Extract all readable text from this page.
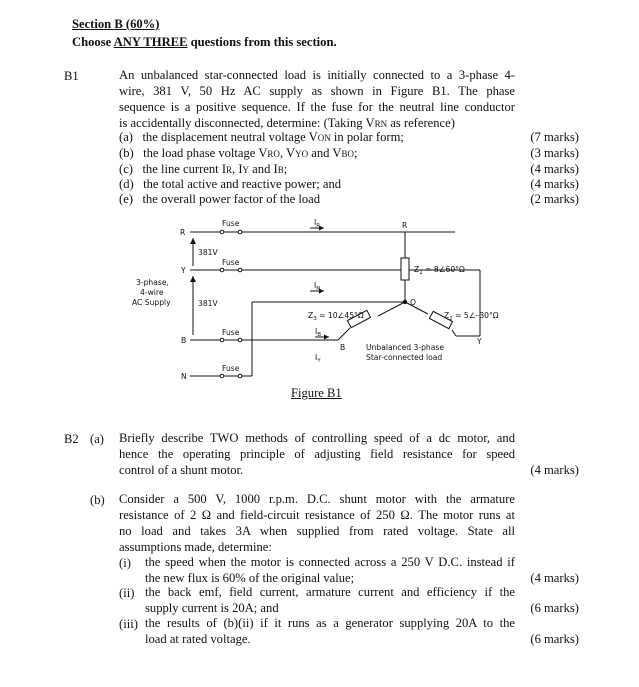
Section B (60%)
Choose ANY THREE questions from this section.
B1	An unbalanced star-connected load is initially connected to a 3-phase 4-
wire, 381 V, 50 Hz AC supply as shown in Figure B1. The phase
sequence is a positive sequence. If the fuse for the neutral line conductor
is accidentally disconnected, determine: (Taking VRN as reference)
(a) the displacement neutral voltage VON in polar form;	(7 marks)
(b) the load phase voltage VRO, VYO and VBO;	(3 marks)
(c) the line current IR, IY and IB;	(4 marks)
(d) the total active and reactive power; and	(4 marks)
(e) the overall power factor of the load	(2 marks)
Fuse
Fuse
Fuse
Fuse
R
Y
B
N
381V
381V
3-phase,
4-wire
AC Supply
$I_R$
$I_N$
$I_B$
$I_Y$
R
O
Y
B
$Z_1$ = 8∠60°Ω
$Z_2$ = 5∠–30°Ω
$Z_3$ = 10∠45°Ω
Unbalanced 3-phase
Star-connected load
Figure B1
B2 (a) Briefly describe TWO methods of controlling speed of a dc motor, and
hence the operating principle of adjusting field resistance for speed
control of a shunt motor.	(4 marks)
(b) Consider a 500 V, 1000 r.p.m. D.C. shunt motor with the armature
resistance of 2 Ω and field-circuit resistance of 250 Ω. The motor runs at
no load and takes 3A when supplied from rated voltage. State all
assumptions made, determine:
(i) the speed when the motor is connected across a 250 V D.C. instead if
the new flux is 60% of the original value;	(4 marks)
(ii) the back emf, field current, armature current and efficiency if the
supply current is 20A; and	(6 marks)
(iii) the results of (b)(ii) if it runs as a generator supplying 20A to the
load at rated voltage.	(6 marks)
